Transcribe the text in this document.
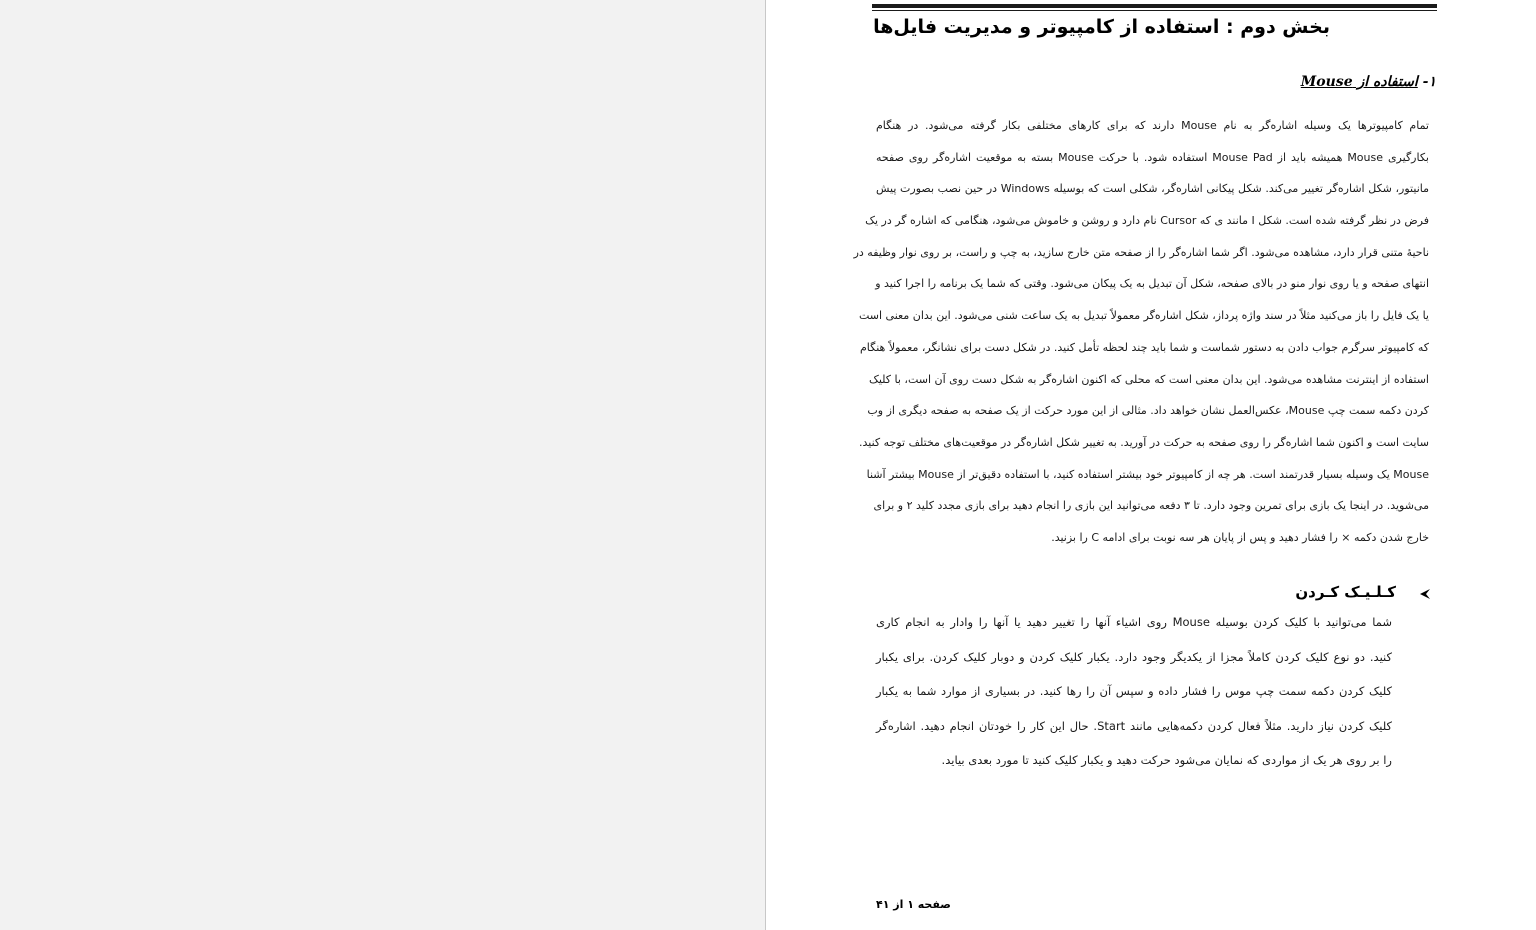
بخش دوم : استفاده از کامپیوتر و مدیریت فایل‌ها
۱- استفاده از Mouse
تمام کامپیوترها یک وسیله اشاره‌گر به نام Mouse دارند که برای کارهای مختلفی بکار گرفته می‌شود. در هنگام
بکارگیری Mouse همیشه باید از Mouse Pad استفاده شود. با حرکت Mouse بسته به موقعیت اشاره‌گر روی صفحه
مانیتور، شکل اشاره‌گر تغییر می‌کند. شکل پیکانی اشاره‌گر، شکلی است که بوسیله Windows در حین نصب بصورت پیش
فرض در نظر گرفته شده است. شکل I مانند ی که Cursor نام دارد و روشن و خاموش می‌شود، هنگامی که اشاره گر در یک
ناحیهٔ متنی قرار دارد، مشاهده می‌شود. اگر شما اشاره‌گر را از صفحه متن خارج سازید، به چپ و راست، بر روی نوار وظیفه در
انتهای صفحه و یا روی نوار منو در بالای صفحه، شکل آن تبدیل به یک پیکان می‌شود. وقتی که شما یک برنامه را اجرا کنید و
یا یک فایل را باز می‌کنید مثلاً در سند واژه پرداز، شکل اشاره‌گر معمولاً تبدیل به یک ساعت شنی می‌شود. این بدان معنی است
که کامپیوتر سرگرم جواب دادن به دستور شماست و شما باید چند لحظه تأمل کنید. در شکل دست برای نشانگر، معمولاً هنگام
استفاده از اینترنت مشاهده می‌شود. این بدان معنی است که محلی که اکنون اشاره‌گر به شکل دست روی آن است، با کلیک
کردن دکمه سمت چپ Mouse، عکس‌العمل نشان خواهد داد. مثالی از این مورد حرکت از یک صفحه به صفحه دیگری از وب
سایت است و اکنون شما اشاره‌گر را روی صفحه به حرکت در آورید. به تغییر شکل اشاره‌گر در موقعیت‌های مختلف توجه کنید.
Mouse یک وسیله بسیار قدرتمند است. هر چه از کامپیوتر خود بیشتر استفاده کنید، با استفاده دقیق‌تر از Mouse بیشتر آشنا
می‌شوید. در اینجا یک بازی برای تمرین وجود دارد. تا ۳ دفعه می‌توانید این بازی را انجام دهید برای بازی مجدد کلید ۲ و برای
خارج شدن دکمه × را فشار دهید و پس از پایان هر سه نوبت برای ادامه C را بزنید.
کـلـیـک کـردن
شما می‌توانید با کلیک کردن بوسیله Mouse روی اشیاء آنها را تغییر دهید یا آنها را وادار به انجام کاری
کنید. دو نوع کلیک کردن کاملاً مجزا از یکدیگر وجود دارد. یکبار کلیک کردن و دوبار کلیک کردن. برای یکبار
کلیک کردن دکمه سمت چپ موس را فشار داده و سپس آن را رها کنید. در بسیاری از موارد شما به یکبار
کلیک کردن نیاز دارید. مثلاً فعال کردن دکمه‌هایی مانند Start. حال این کار را خودتان انجام دهید. اشاره‌گر
را بر روی هر یک از مواردی که نمایان می‌شود حرکت دهید و یکبار کلیک کنید تا مورد بعدی بیاید.
صفحه ۱ از ۴۱
